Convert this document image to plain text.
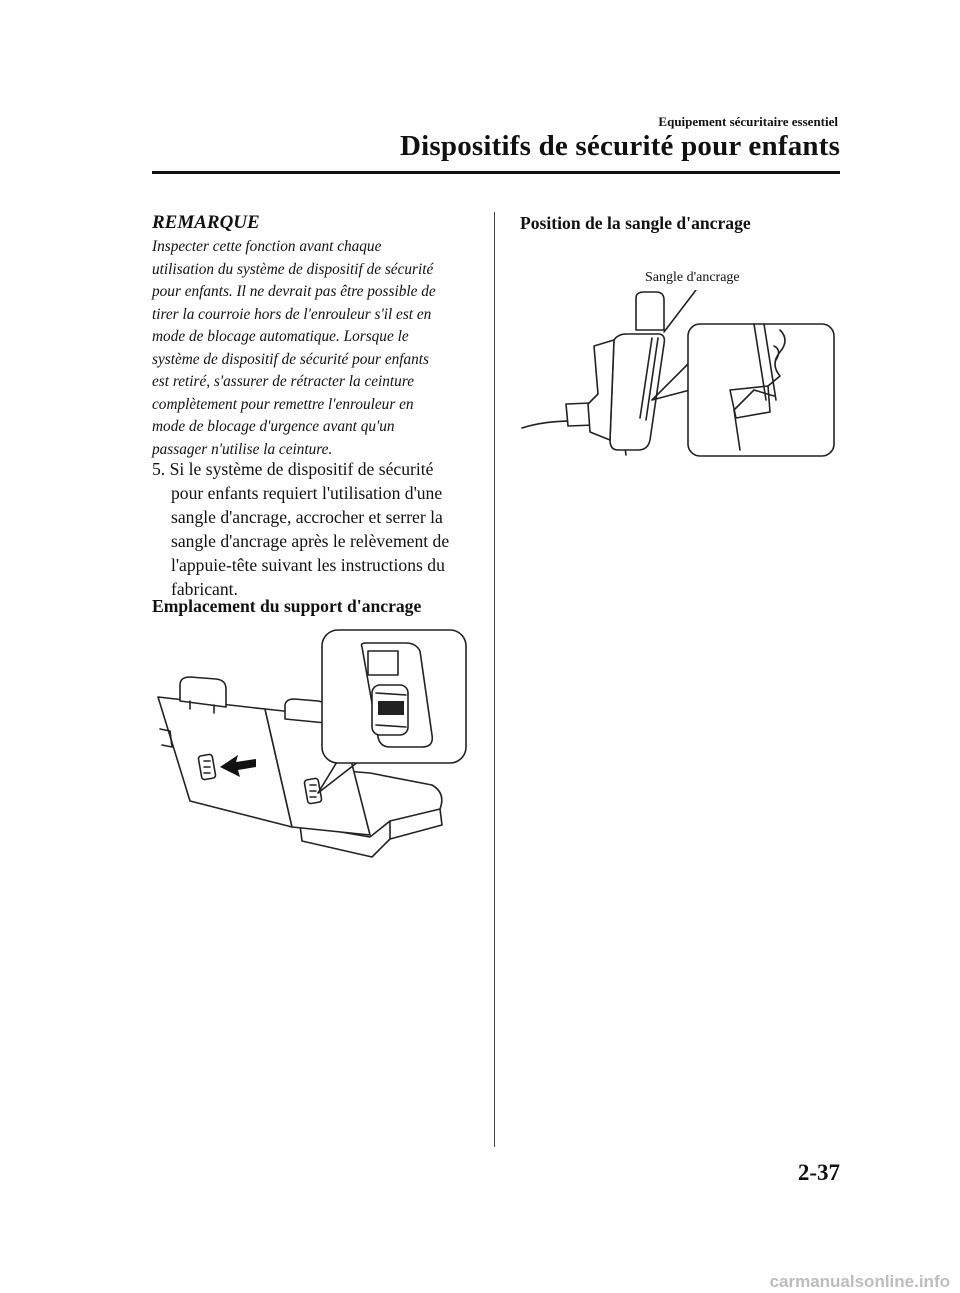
Equipement sécuritaire essentiel
Dispositifs de sécurité pour enfants
REMARQUE
Inspecter cette fonction avant chaque
utilisation du système de dispositif de sécurité
pour enfants. Il ne devrait pas être possible de
tirer la courroie hors de l'enrouleur s'il est en
mode de blocage automatique. Lorsque le
système de dispositif de sécurité pour enfants
est retiré, s'assurer de rétracter la ceinture
complètement pour remettre l'enrouleur en
mode de blocage d'urgence avant qu'un
passager n'utilise la ceinture.
5. Si le système de dispositif de sécurité
pour enfants requiert l'utilisation d'une
sangle d'ancrage, accrocher et serrer la
sangle d'ancrage après le relèvement de
l'appuie-tête suivant les instructions du
fabricant.
Emplacement du support d'ancrage
Position de la sangle d'ancrage
Sangle d'ancrage
2-37
carmanualsonline.info
